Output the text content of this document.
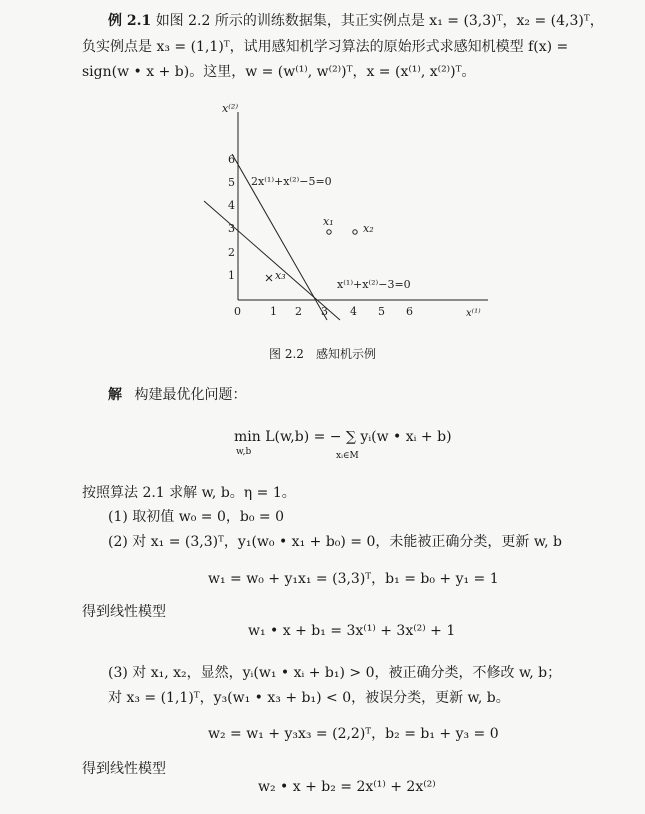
例 2.1 如图 2.2 所示的训练数据集，其正实例点是 x₁ = (3,3)ᵀ，x₂ = (4,3)ᵀ，
负实例点是 x₃ = (1,1)ᵀ，试用感知机学习算法的原始形式求感知机模型 f(x) =
sign(w • x + b)。这里，w = (w⁽¹⁾, w⁽²⁾)ᵀ，x = (x⁽¹⁾, x⁽²⁾)ᵀ。
0	1 2 3 4 5 6
1
2
3
4
5
6
x⁽²⁾
x⁽¹⁾
2x⁽¹⁾+x⁽²⁾−5=0
x⁽¹⁾+x⁽²⁾−3=0
x₁
x₂
x₃
图 2.2　感知机示例
解 构建最优化问题：
min L(w,b) = − ∑ yᵢ(w • xᵢ + b)
w,b	xᵢ∈M
按照算法 2.1 求解 w, b。η = 1。
(1) 取初值 w₀ = 0，b₀ = 0
(2) 对 x₁ = (3,3)ᵀ，y₁(w₀ • x₁ + b₀) = 0，未能被正确分类，更新 w, b
w₁ = w₀ + y₁x₁ = (3,3)ᵀ，b₁ = b₀ + y₁ = 1
得到线性模型
w₁ • x + b₁ = 3x⁽¹⁾ + 3x⁽²⁾ + 1
(3) 对 x₁, x₂，显然，yᵢ(w₁ • xᵢ + b₁) > 0，被正确分类，不修改 w, b；
对 x₃ = (1,1)ᵀ，y₃(w₁ • x₃ + b₁) < 0，被误分类，更新 w, b。
w₂ = w₁ + y₃x₃ = (2,2)ᵀ，b₂ = b₁ + y₃ = 0
得到线性模型
w₂ • x + b₂ = 2x⁽¹⁾ + 2x⁽²⁾
